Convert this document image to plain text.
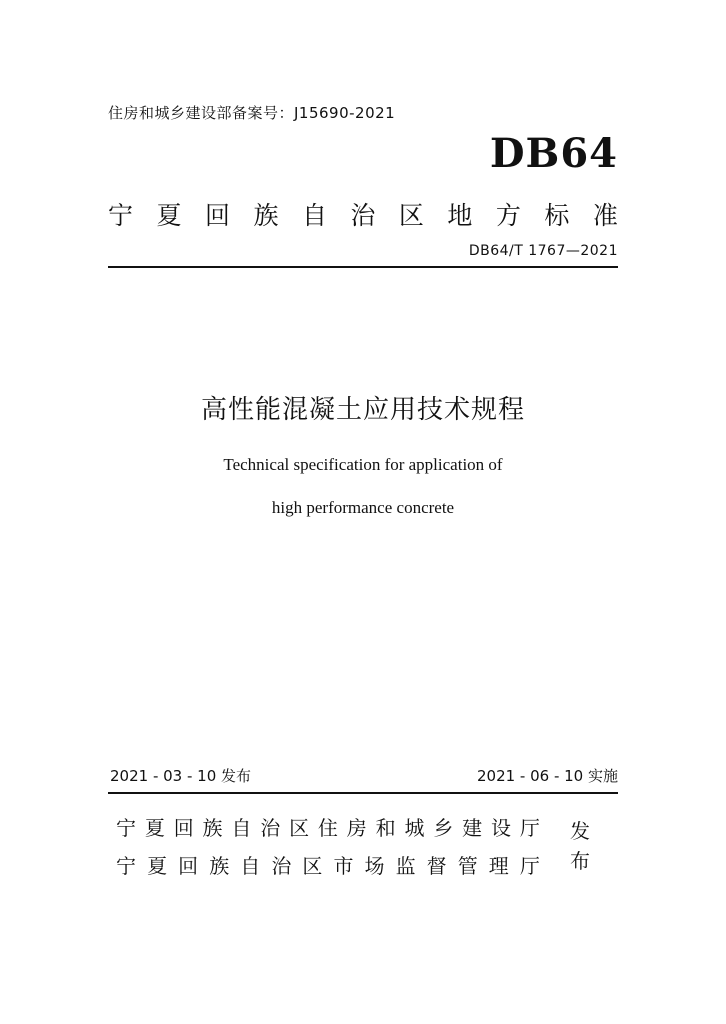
住房和城乡建设部备案号：J15690-2021
DB64
宁 夏 回 族 自 治 区 地 方 标 准
DB64/T 1767—2021
高性能混凝土应用技术规程
Technical specification for application of
high performance concrete
2021 - 03 - 10 发布	2021 - 06 - 10 实施
宁 夏 回 族 自 治 区 住 房 和 城 乡 建 设 厅
宁 夏 回 族 自 治 区 市 场 监 督 管 理 厅
发
布
